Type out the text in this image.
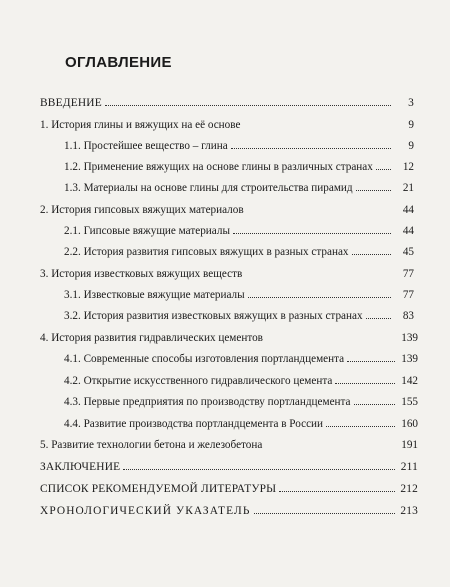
ОГЛАВЛЕНИЕ
ВВЕДЕНИЕ	3
1. История глины и вяжущих на её основе	9
1.1. Простейшее вещество – глина	9
1.2. Применение вяжущих на основе глины в различных странах	12
1.3. Материалы на основе глины для строительства пирамид	21
2. История гипсовых вяжущих материалов	44
2.1. Гипсовые вяжущие материалы	44
2.2. История развития гипсовых вяжущих в разных странах	45
3. История известковых вяжущих веществ	77
3.1. Известковые вяжущие материалы	77
3.2. История развития известковых вяжущих в разных странах	83
4. История развития гидравлических цементов	139
4.1. Современные способы изготовления портландцемента	139
4.2. Открытие искусственного гидравлического цемента	142
4.3. Первые предприятия по производству портландцемента	155
4.4. Развитие производства портландцемента в России	160
5. Развитие технологии бетона и железобетона	191
ЗАКЛЮЧЕНИЕ	211
СПИСОК РЕКОМЕНДУЕМОЙ ЛИТЕРАТУРЫ	212
ХРОНОЛОГИЧЕСКИЙ УКАЗАТЕЛЬ	213
